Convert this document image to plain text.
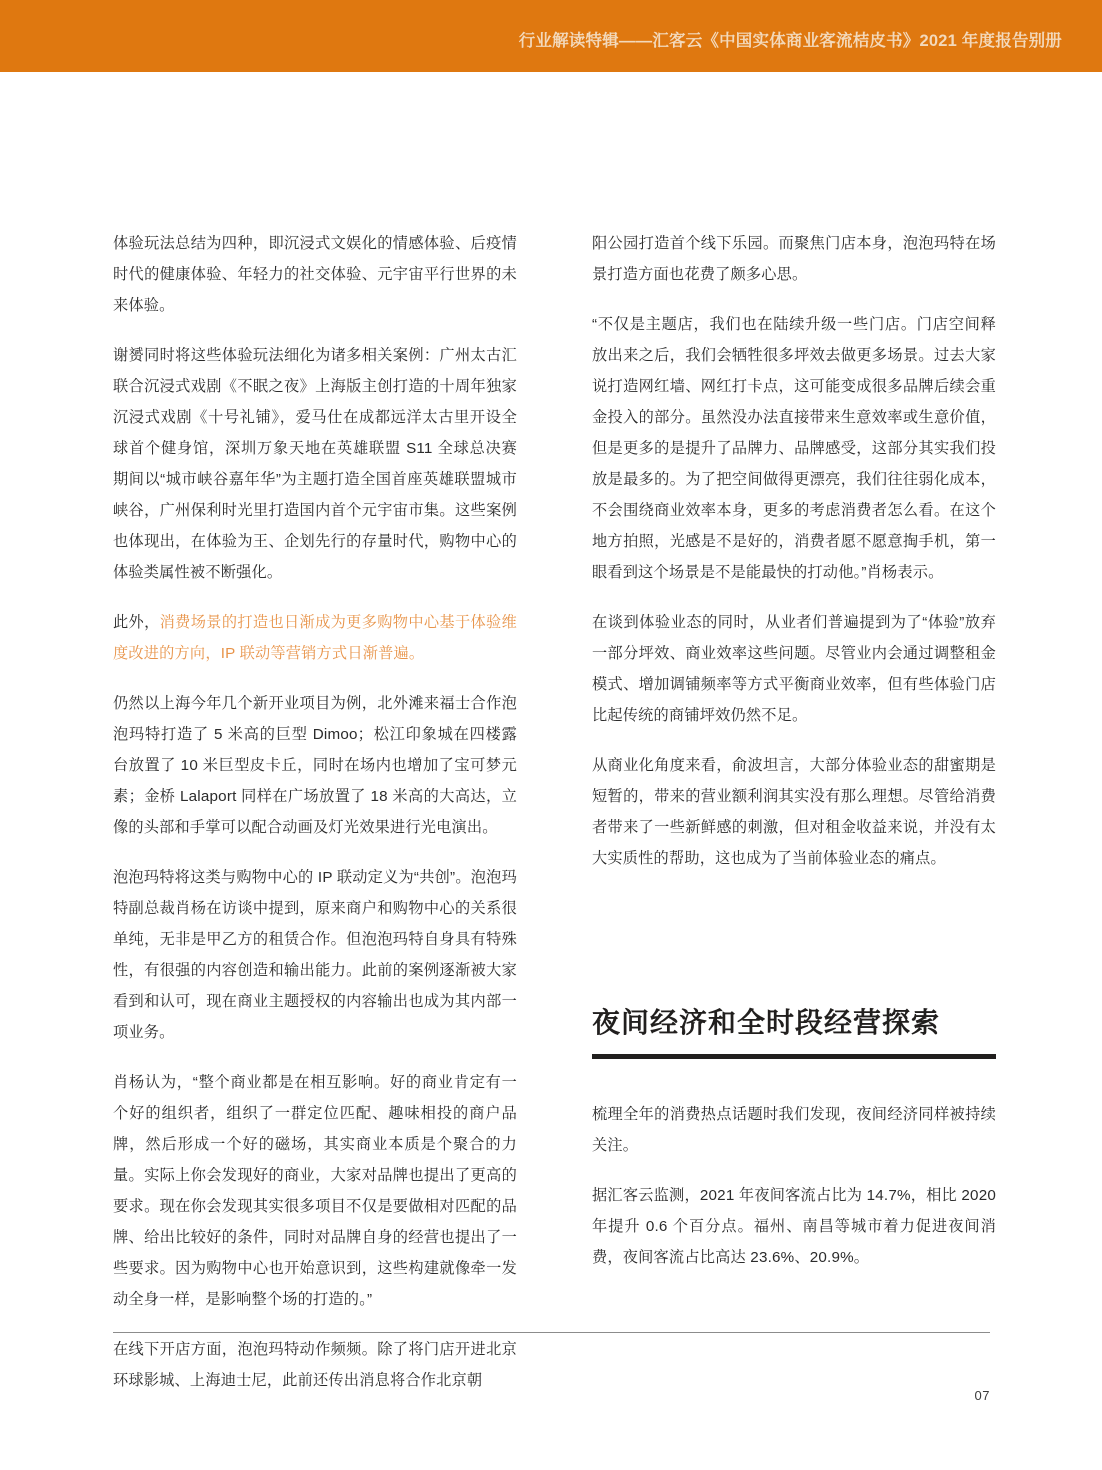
行业解读特辑——汇客云《中国实体商业客流桔皮书》2021 年度报告别册

体验玩法总结为四种，即沉浸式文娱化的情感体验、后疫情时代的健康体验、年轻力的社交体验、元宇宙平行世界的未来体验。

谢赟同时将这些体验玩法细化为诸多相关案例：广州太古汇联合沉浸式戏剧《不眠之夜》上海版主创打造的十周年独家沉浸式戏剧《十号礼铺》，爱马仕在成都远洋太古里开设全球首个健身馆，深圳万象天地在英雄联盟 S11 全球总决赛期间以“城市峡谷嘉年华”为主题打造全国首座英雄联盟城市峡谷，广州保利时光里打造国内首个元宇宙市集。这些案例也体现出，在体验为王、企划先行的存量时代，购物中心的体验类属性被不断强化。

此外，消费场景的打造也日渐成为更多购物中心基于体验维度改进的方向，IP 联动等营销方式日渐普遍。

仍然以上海今年几个新开业项目为例，北外滩来福士合作泡泡玛特打造了 5 米高的巨型 Dimoo；松江印象城在四楼露台放置了 10 米巨型皮卡丘，同时在场内也增加了宝可梦元素；金桥 Lalaport 同样在广场放置了 18 米高的大高达，立像的头部和手掌可以配合动画及灯光效果进行光电演出。

泡泡玛特将这类与购物中心的 IP 联动定义为“共创”。泡泡玛特副总裁肖杨在访谈中提到，原来商户和购物中心的关系很单纯，无非是甲乙方的租赁合作。但泡泡玛特自身具有特殊性，有很强的内容创造和输出能力。此前的案例逐渐被大家看到和认可，现在商业主题授权的内容输出也成为其内部一项业务。

肖杨认为，“整个商业都是在相互影响。好的商业肯定有一个好的组织者，组织了一群定位匹配、趣味相投的商户品牌，然后形成一个好的磁场，其实商业本质是个聚合的力量。实际上你会发现好的商业，大家对品牌也提出了更高的要求。现在你会发现其实很多项目不仅是要做相对匹配的品牌、给出比较好的条件，同时对品牌自身的经营也提出了一些要求。因为购物中心也开始意识到，这些构建就像牵一发动全身一样，是影响整个场的打造的。”

在线下开店方面，泡泡玛特动作频频。除了将门店开进北京环球影城、上海迪士尼，此前还传出消息将合作北京朝

阳公园打造首个线下乐园。而聚焦门店本身，泡泡玛特在场景打造方面也花费了颇多心思。

“不仅是主题店，我们也在陆续升级一些门店。门店空间释放出来之后，我们会牺牲很多坪效去做更多场景。过去大家说打造网红墙、网红打卡点，这可能变成很多品牌后续会重金投入的部分。虽然没办法直接带来生意效率或生意价值，但是更多的是提升了品牌力、品牌感受，这部分其实我们投放是最多的。为了把空间做得更漂亮，我们往往弱化成本，不会围绕商业效率本身，更多的考虑消费者怎么看。在这个地方拍照，光感是不是好的，消费者愿不愿意掏手机，第一眼看到这个场景是不是能最快的打动他。”肖杨表示。

在谈到体验业态的同时，从业者们普遍提到为了“体验”放弃一部分坪效、商业效率这些问题。尽管业内会通过调整租金模式、增加调铺频率等方式平衡商业效率，但有些体验门店比起传统的商铺坪效仍然不足。

从商业化角度来看，俞波坦言，大部分体验业态的甜蜜期是短暂的，带来的营业额利润其实没有那么理想。尽管给消费者带来了一些新鲜感的刺激，但对租金收益来说，并没有太大实质性的帮助，这也成为了当前体验业态的痛点。

夜间经济和全时段经营探索

梳理全年的消费热点话题时我们发现，夜间经济同样被持续关注。

据汇客云监测，2021 年夜间客流占比为 14.7%，相比 2020 年提升 0.6 个百分点。福州、南昌等城市着力促进夜间消费，夜间客流占比高达 23.6%、20.9%。

07
